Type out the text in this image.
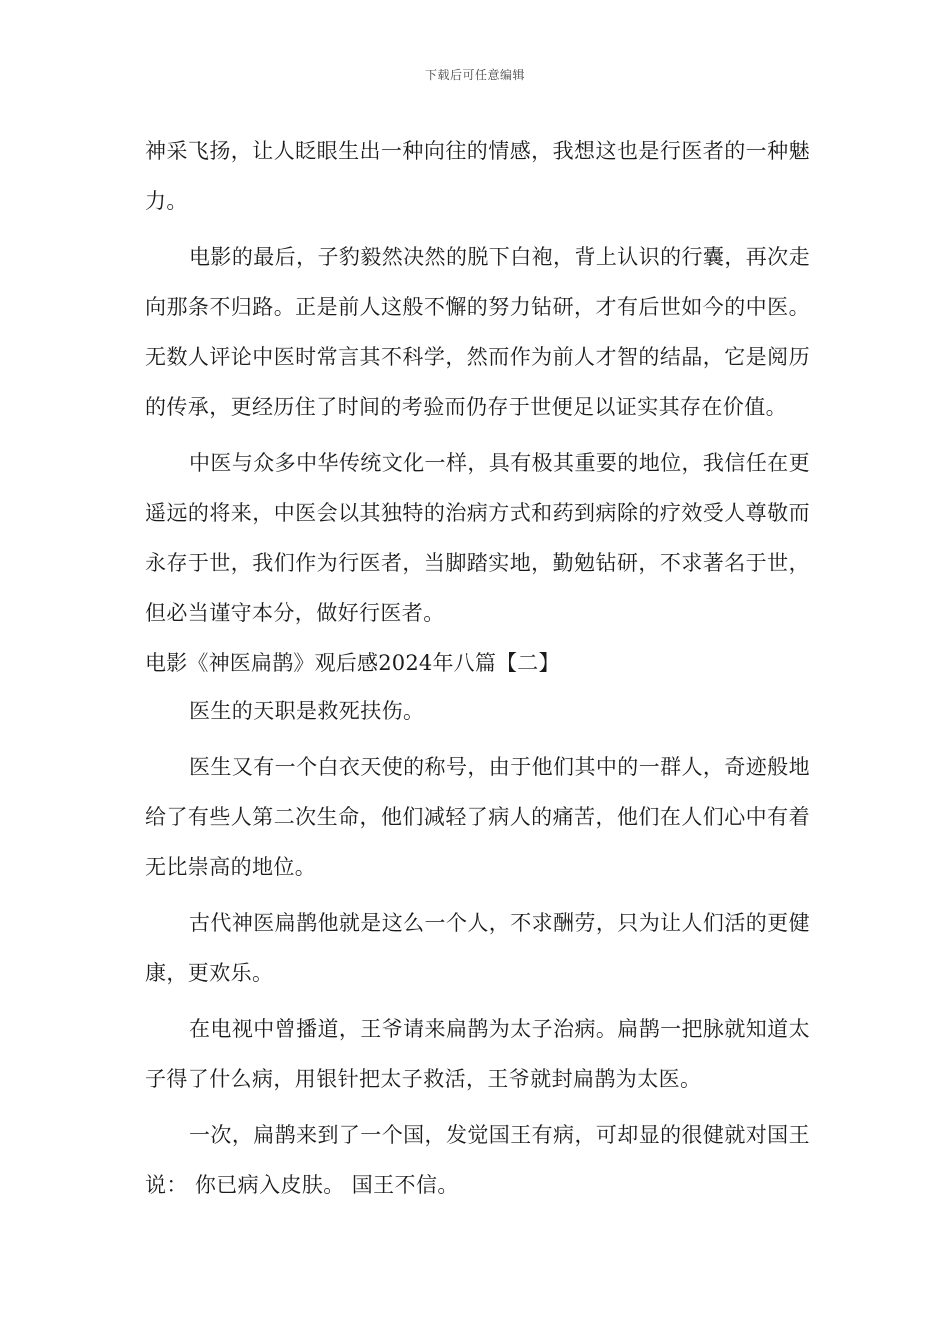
下载后可任意编辑

神采飞扬，让人眨眼生出一种向往的情感，我想这也是行医者的一种魅力。

电影的最后，子豹毅然决然的脱下白袍，背上认识的行囊，再次走向那条不归路。正是前人这般不懈的努力钻研，才有后世如今的中医。无数人评论中医时常言其不科学，然而作为前人才智的结晶，它是阅历的传承，更经历住了时间的考验而仍存于世便足以证实其存在价值。

中医与众多中华传统文化一样，具有极其重要的地位，我信任在更遥远的将来，中医会以其独特的治病方式和药到病除的疗效受人尊敬而永存于世，我们作为行医者，当脚踏实地，勤勉钻研，不求著名于世，但必当谨守本分，做好行医者。

电影《神医扁鹊》观后感2024年八篇【二】

医生的天职是救死扶伤。

医生又有一个白衣天使的称号，由于他们其中的一群人，奇迹般地给了有些人第二次生命，他们减轻了病人的痛苦，他们在人们心中有着无比崇高的地位。

古代神医扁鹊他就是这么一个人，不求酬劳，只为让人们活的更健康，更欢乐。

在电视中曾播道，王爷请来扁鹊为太子治病。扁鹊一把脉就知道太子得了什么病，用银针把太子救活，王爷就封扁鹊为太医。

一次，扁鹊来到了一个国，发觉国王有病，可却显的很健就对国王说： 你已病入皮肤。 国王不信。
